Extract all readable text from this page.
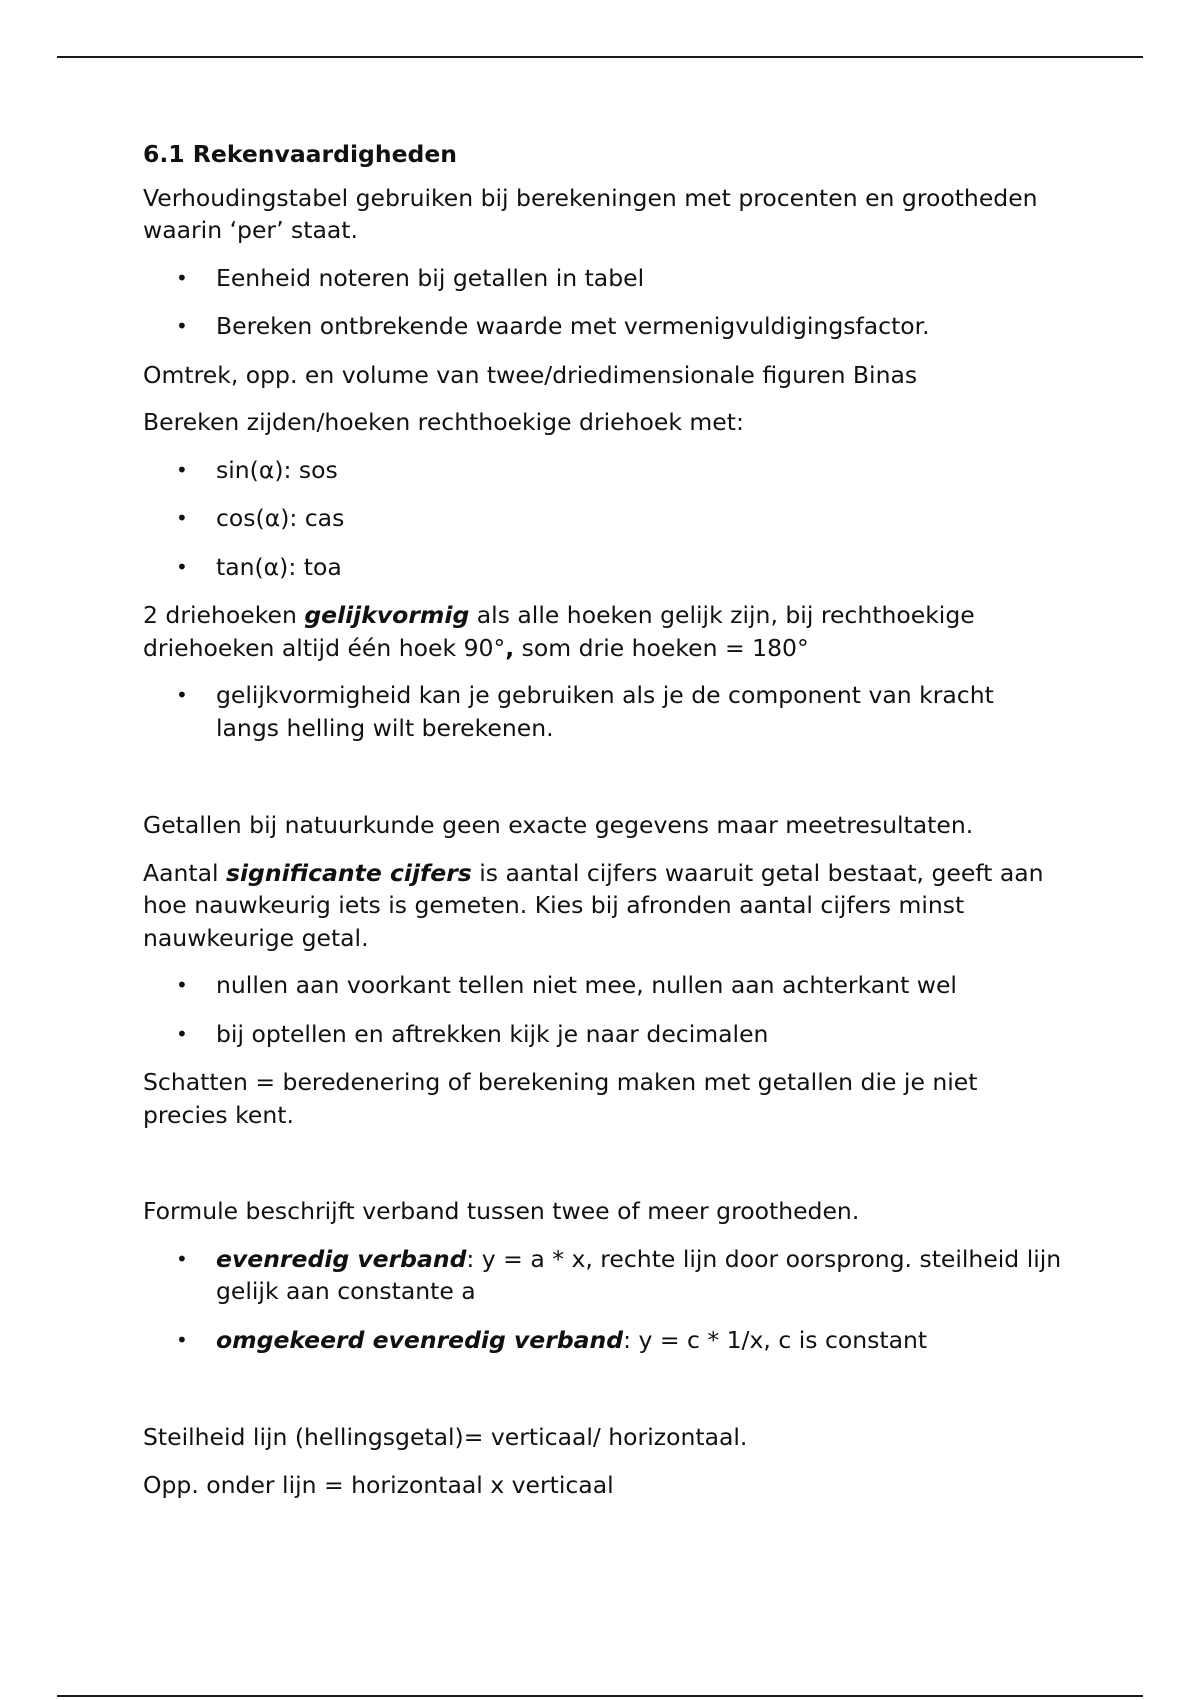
6.1 Rekenvaardigheden

Verhoudingstabel gebruiken bij berekeningen met procenten en grootheden waarin ‘per’ staat.

• Eenheid noteren bij getallen in tabel
• Bereken ontbrekende waarde met vermenigvuldigingsfactor.

Omtrek, opp. en volume van twee/driedimensionale figuren Binas

Bereken zijden/hoeken rechthoekige driehoek met:

• sin(α): sos
• cos(α): cas
• tan(α): toa

2 driehoeken gelijkvormig als alle hoeken gelijk zijn, bij rechthoekige driehoeken altijd één hoek 90°, som drie hoeken = 180°

• gelijkvormigheid kan je gebruiken als je de component van kracht langs helling wilt berekenen.

Getallen bij natuurkunde geen exacte gegevens maar meetresultaten.

Aantal significante cijfers is aantal cijfers waaruit getal bestaat, geeft aan hoe nauwkeurig iets is gemeten. Kies bij afronden aantal cijfers minst nauwkeurige getal.

• nullen aan voorkant tellen niet mee, nullen aan achterkant wel
• bij optellen en aftrekken kijk je naar decimalen

Schatten = beredenering of berekening maken met getallen die je niet precies kent.

Formule beschrijft verband tussen twee of meer grootheden.

• evenredig verband: y = a * x, rechte lijn door oorsprong. steilheid lijn gelijk aan constante a
• omgekeerd evenredig verband: y = c * 1/x, c is constant

Steilheid lijn (hellingsgetal)= verticaal/ horizontaal.

Opp. onder lijn = horizontaal x verticaal
